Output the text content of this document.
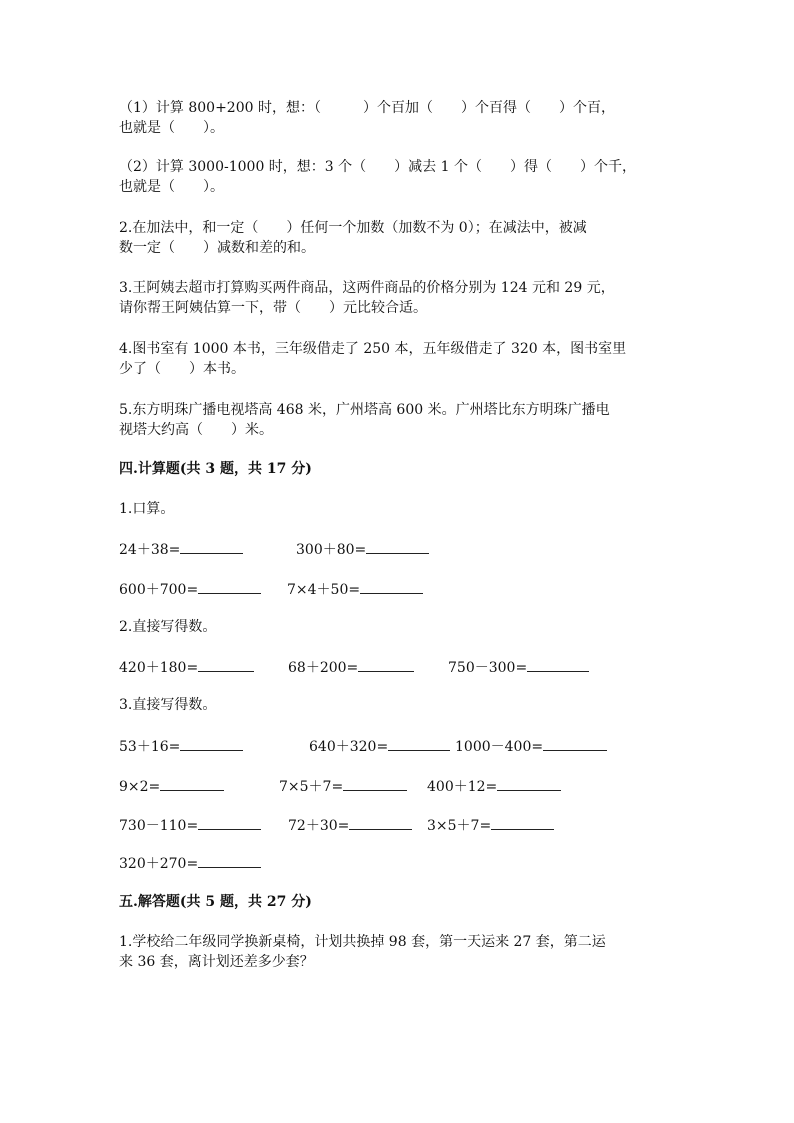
（1）计算 800+200 时，想：（　　　）个百加（　　）个百得（　　）个百，
也就是（　　）。
（2）计算 3000-1000 时，想：3 个（　　）减去 1 个（　　）得（　　）个千，
也就是（　　）。
2.在加法中，和一定（　　）任何一个加数（加数不为 0）；在减法中，被减
数一定（　　）减数和差的和。
3.王阿姨去超市打算购买两件商品，这两件商品的价格分别为 124 元和 29 元，
请你帮王阿姨估算一下，带（　　）元比较合适。
4.图书室有 1000 本书，三年级借走了 250 本，五年级借走了 320 本，图书室里
少了（　　）本书。
5.东方明珠广播电视塔高 468 米，广州塔高 600 米。广州塔比东方明珠广播电
视塔大约高（　　）米。
四.计算题(共 3 题，共 17 分)
1.口算。
24＋38=	300＋80=
600＋700=	7×4＋50=
2.直接写得数。
420＋180=	68＋200=	750－300=
3.直接写得数。
53＋16=	640＋320=	1000－400=
9×2=	7×5＋7=	400＋12=
730－110=	72＋30=	3×5＋7=
320＋270=
五.解答题(共 5 题，共 27 分)
1.学校给二年级同学换新桌椅，计划共换掉 98 套，第一天运来 27 套，第二运
来 36 套，离计划还差多少套？
